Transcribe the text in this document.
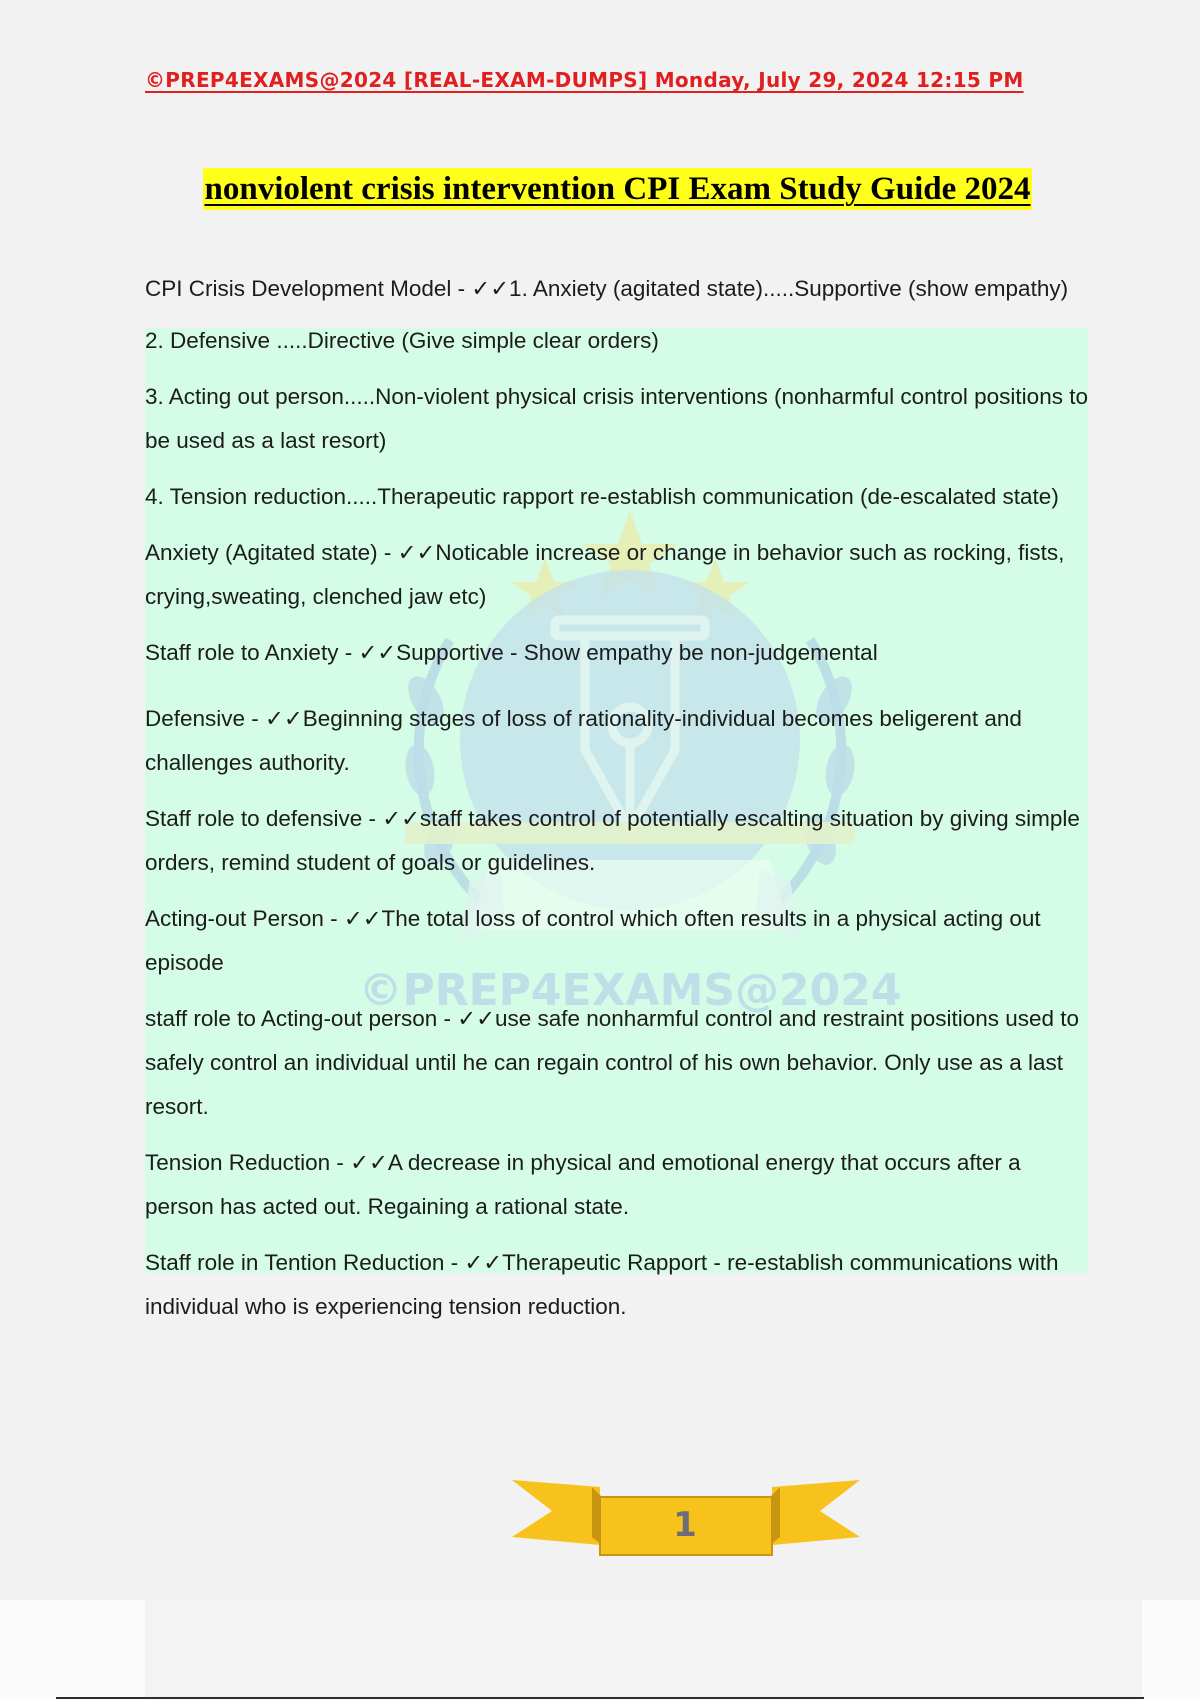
©PREP4EXAMS@2024 [REAL-EXAM-DUMPS] Monday, July 29, 2024 12:15 PM

nonviolent crisis intervention CPI Exam Study Guide 2024
©PREP4EXAMS@2024

CPI Crisis Development Model - ✓✓1. Anxiety (agitated state).....Supportive (show empathy)

2. Defensive .....Directive (Give simple clear orders)

3. Acting out person.....Non-violent physical crisis interventions (nonharmful control positions to be used as a last resort)

4. Tension reduction.....Therapeutic rapport re-establish communication (de-escalated state)

Anxiety (Agitated state) - ✓✓Noticable increase or change in behavior such as rocking, fists, crying,sweating, clenched jaw etc)

Staff role to Anxiety - ✓✓Supportive - Show empathy be non-judgemental

Defensive - ✓✓Beginning stages of loss of rationality-individual becomes beligerent and challenges authority.

Staff role to defensive - ✓✓staff takes control of potentially escalting situation by giving simple orders, remind student of goals or guidelines.

Acting-out Person - ✓✓The total loss of control which often results in a physical acting out episode

staff role to Acting-out person - ✓✓use safe nonharmful control and restraint positions used to safely control an individual until he can regain control of his own behavior. Only use as a last resort.

Tension Reduction - ✓✓A decrease in physical and emotional energy that occurs after a person has acted out. Regaining a rational state.

Staff role in Tention Reduction - ✓✓Therapeutic Rapport - re-establish communications with individual who is experiencing tension reduction.

1
